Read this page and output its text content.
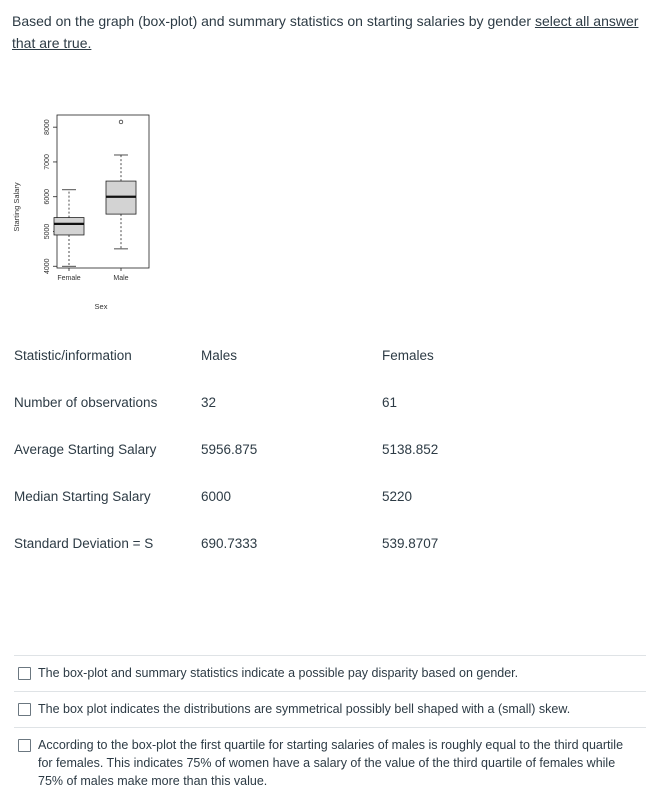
Based on the graph (box-plot) and summary statistics on starting salaries by gender select all answer that are true.
Starting Salary
Sex
4000
5000
6000
7000
8000
Female	Male
Statistic/information	Males	Females
Number of observations	32	61
Average Starting Salary	5956.875	5138.852
Median Starting Salary	6000	5220
Standard Deviation = S	690.7333	539.8707
The box-plot and summary statistics indicate a possible pay disparity based on gender.
The box plot indicates the distributions are symmetrical possibly bell shaped with a (small) skew.
According to the box-plot the first quartile for starting salaries of males is roughly equal to the third quartile for females. This indicates 75% of women have a salary of the value of the third quartile of females while 75% of males make more than this value.
